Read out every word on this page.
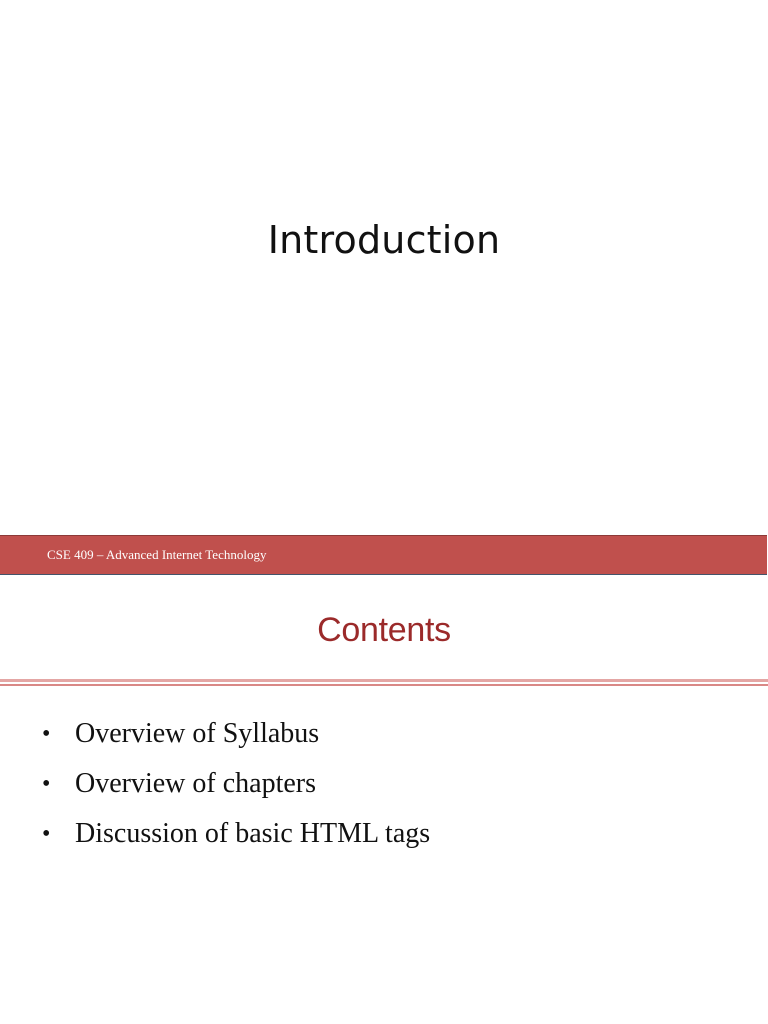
Introduction
CSE 409 – Advanced Internet Technology
Contents
• Overview of Syllabus
• Overview of chapters
• Discussion of basic HTML tags
